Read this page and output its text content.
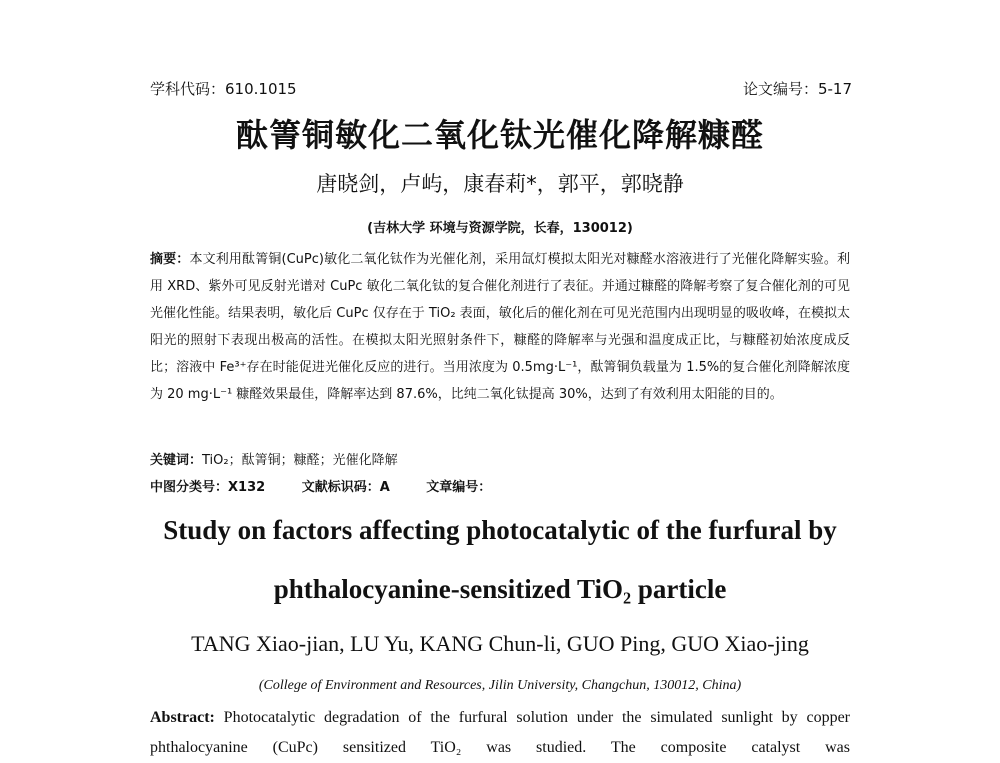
学科代码：610.1015	论文编号：5-17
酞箐铜敏化二氧化钛光催化降解糠醛
唐晓剑，卢屿，康春莉*，郭平，郭晓静
(吉林大学 环境与资源学院，长春，130012)
摘要：本文利用酞箐铜(CuPc)敏化二氧化钛作为光催化剂，采用氙灯模拟太阳光对糠醛水溶液进行了光催化降解实验。利用 XRD、紫外可见反射光谱对 CuPc 敏化二氧化钛的复合催化剂进行了表征。并通过糠醛的降解考察了复合催化剂的可见光催化性能。结果表明，敏化后 CuPc 仅存在于 TiO₂ 表面，敏化后的催化剂在可见光范围内出现明显的吸收峰，在模拟太阳光的照射下表现出极高的活性。在模拟太阳光照射条件下，糠醛的降解率与光强和温度成正比，与糠醛初始浓度成反比；溶液中 Fe³⁺存在时能促进光催化反应的进行。当用浓度为 0.5mg·L⁻¹，酞箐铜负载量为 1.5%的复合催化剂降解浓度为 20 mg·L⁻¹ 糠醛效果最佳，降解率达到 87.6%，比纯二氧化钛提高 30%，达到了有效利用太阳能的目的。
关键词：TiO₂；酞箐铜；糠醛；光催化降解
中图分类号：X132	文献标识码：A	文章编号：
Study on factors affecting photocatalytic of the furfural by
phthalocyanine-sensitized TiO₂ particle
TANG Xiao-jian, LU Yu, KANG Chun-li, GUO Ping, GUO Xiao-jing
(College of Environment and Resources, Jilin University, Changchun, 130012, China)
Abstract: Photocatalytic degradation of the furfural solution under the simulated sunlight by copper phthalocyanine (CuPc) sensitized TiO₂ was studied. The composite catalyst was
